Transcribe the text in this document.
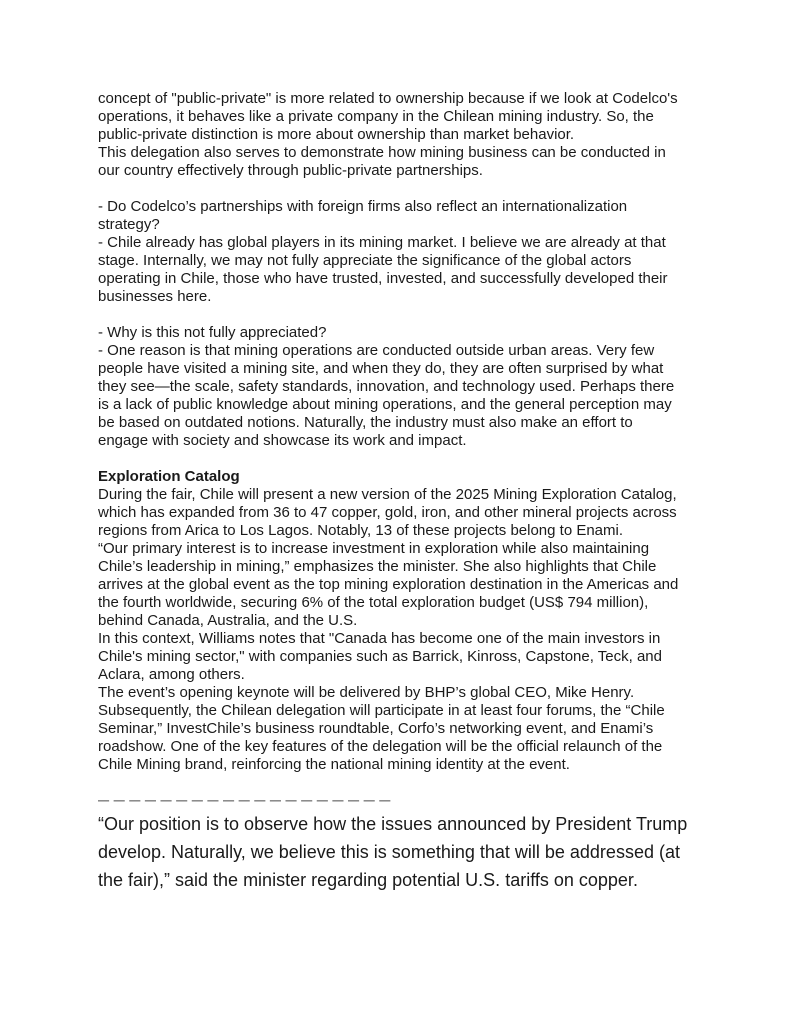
concept of "public-private" is more related to ownership because if we look at Codelco's
operations, it behaves like a private company in the Chilean mining industry. So, the
public-private distinction is more about ownership than market behavior.
This delegation also serves to demonstrate how mining business can be conducted in
our country effectively through public-private partnerships.
- Do Codelco’s partnerships with foreign firms also reflect an internationalization
strategy?
- Chile already has global players in its mining market. I believe we are already at that
stage. Internally, we may not fully appreciate the significance of the global actors
operating in Chile, those who have trusted, invested, and successfully developed their
businesses here.
- Why is this not fully appreciated?
- One reason is that mining operations are conducted outside urban areas. Very few
people have visited a mining site, and when they do, they are often surprised by what
they see—the scale, safety standards, innovation, and technology used. Perhaps there
is a lack of public knowledge about mining operations, and the general perception may
be based on outdated notions. Naturally, the industry must also make an effort to
engage with society and showcase its work and impact.
Exploration Catalog
During the fair, Chile will present a new version of the 2025 Mining Exploration Catalog,
which has expanded from 36 to 47 copper, gold, iron, and other mineral projects across
regions from Arica to Los Lagos. Notably, 13 of these projects belong to Enami.
“Our primary interest is to increase investment in exploration while also maintaining
Chile’s leadership in mining,” emphasizes the minister. She also highlights that Chile
arrives at the global event as the top mining exploration destination in the Americas and
the fourth worldwide, securing 6% of the total exploration budget (US$ 794 million),
behind Canada, Australia, and the U.S.
In this context, Williams notes that "Canada has become one of the main investors in
Chile's mining sector," with companies such as Barrick, Kinross, Capstone, Teck, and
Aclara, among others.
The event’s opening keynote will be delivered by BHP’s global CEO, Mike Henry.
Subsequently, the Chilean delegation will participate in at least four forums, the “Chile
Seminar,” InvestChile’s business roundtable, Corfo’s networking event, and Enami’s
roadshow. One of the key features of the delegation will be the official relaunch of the
Chile Mining brand, reinforcing the national mining identity at the event.
–––––––––––––––––––
“Our position is to observe how the issues announced by President Trump
develop. Naturally, we believe this is something that will be addressed (at
the fair),” said the minister regarding potential U.S. tariffs on copper.
